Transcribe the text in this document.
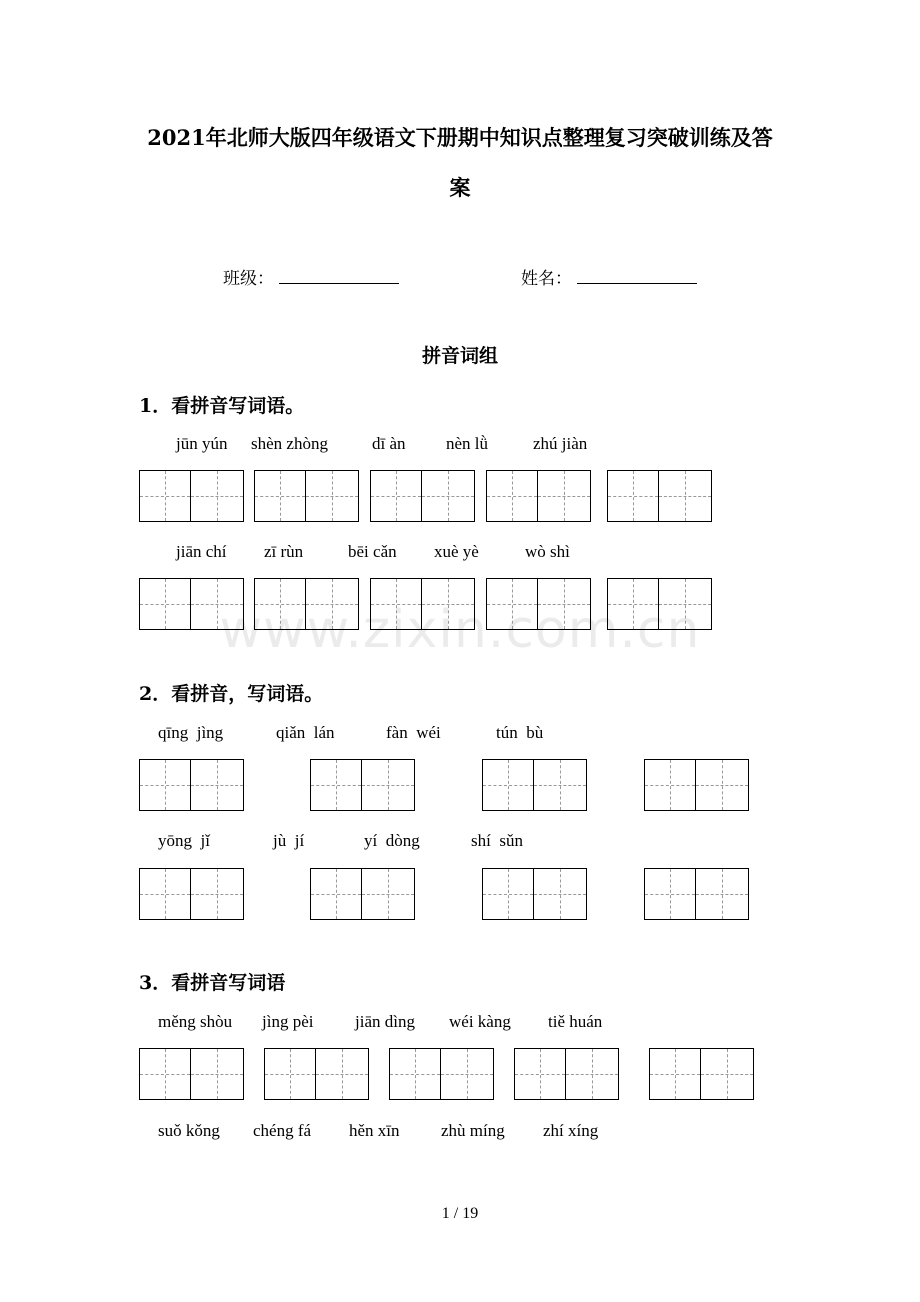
2021年北师大版四年级语文下册期中知识点整理复习突破训练及答
案
班级：	姓名：
拼音词组
www.zixin.com.cn
1．看拼音写词语。
jūn yún shèn zhòng	dī àn nèn lǜ	zhú jiàn
jiān chí zī rùn	bēi cǎn xuè yè	wò shì
2．看拼音，写词语。
qīng  jìng	qiǎn  lán	fàn  wéi	tún  bù
yōng  jǐ	jù  jí	yí  dòng	shí  sǔn
3．看拼音写词语
měng shòu jìng pèi jiān dìng wéi kàng tiě huán
suǒ kǒng chéng fá hěn xīn zhù míng zhí xíng
1 / 19
